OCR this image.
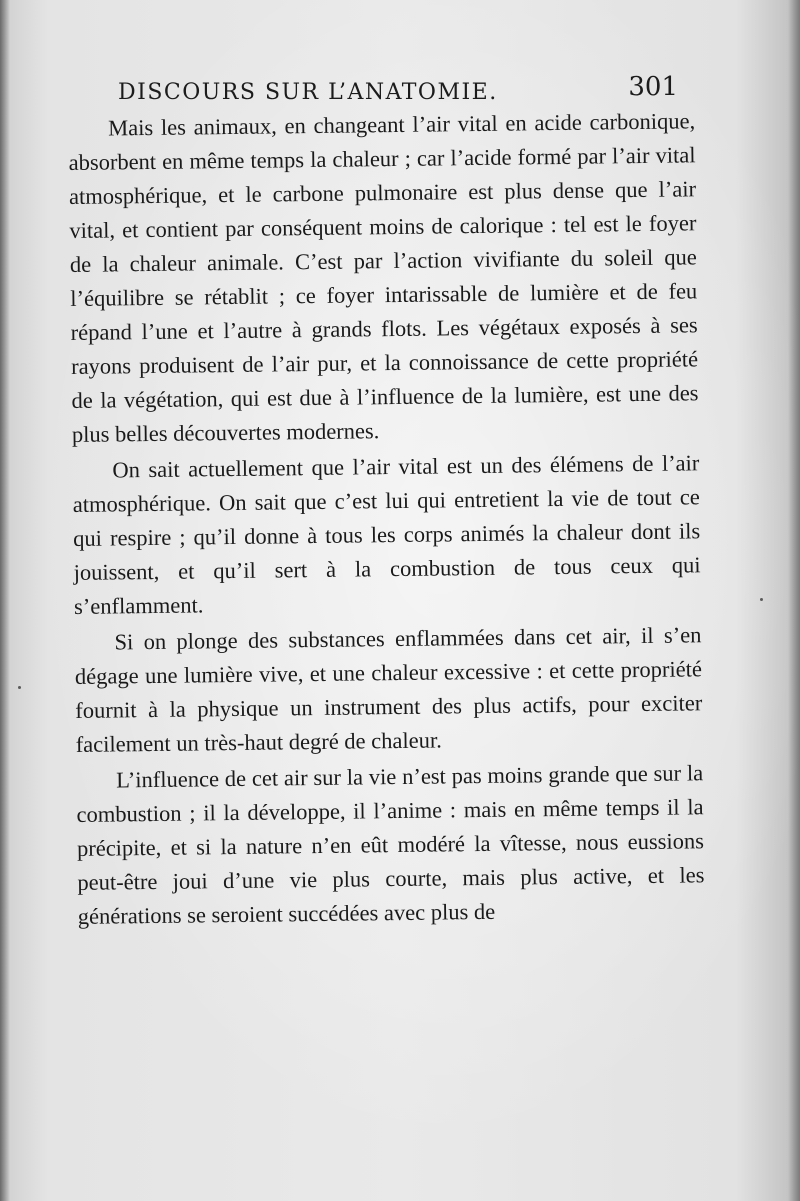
DISCOURS SUR L’ANATOMIE.	301

Mais les animaux, en changeant l’air vital en acide carbonique, absorbent en même temps la chaleur ; car l’acide formé par l’air vital atmosphérique, et le carbone pulmonaire est plus dense que l’air vital, et contient par conséquent moins de calorique : tel est le foyer de la chaleur animale. C’est par l’action vivifiante du soleil que l’équilibre se rétablit ; ce foyer intarissable de lumière et de feu répand l’une et l’autre à grands flots. Les végétaux exposés à ses rayons produisent de l’air pur, et la connoissance de cette propriété de la végétation, qui est due à l’influence de la lumière, est une des plus belles découvertes modernes.

On sait actuellement que l’air vital est un des élémens de l’air atmosphérique. On sait que c’est lui qui entretient la vie de tout ce qui respire ; qu’il donne à tous les corps animés la chaleur dont ils jouissent, et qu’il sert à la combustion de tous ceux qui s’enflamment.

Si on plonge des substances enflammées dans cet air, il s’en dégage une lumière vive, et une chaleur excessive : et cette propriété fournit à la physique un instrument des plus actifs, pour exciter facilement un très-haut degré de chaleur.

L’influence de cet air sur la vie n’est pas moins grande que sur la combustion ; il la développe, il l’anime : mais en même temps il la précipite, et si la nature n’en eût modéré la vîtesse, nous eussions peut-être joui d’une vie plus courte, mais plus active, et les générations se seroient succédées avec plus de
